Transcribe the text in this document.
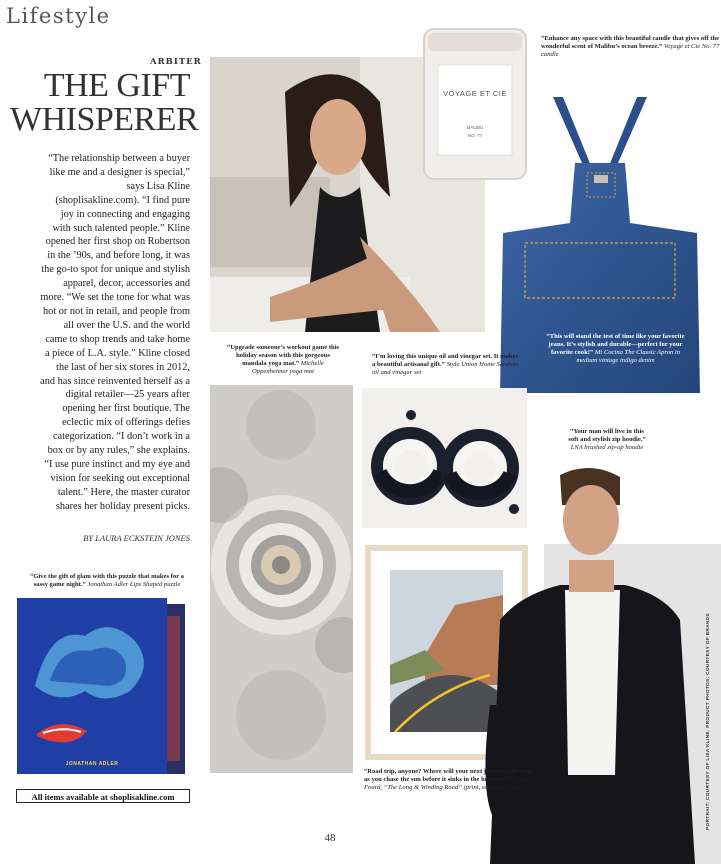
Lifestyle
ARBITER
THE GIFT
WHISPERER
“The relationship between a buyer like me and a designer is special,” says Lisa Kline (shoplisakline.com). “I find pure joy in connecting and engaging with such talented people.” Kline opened her first shop on Robertson in the ’90s, and before long, it was the go-to spot for unique and stylish apparel, decor, accessories and more. “We set the tone for what was hot or not in retail, and people from all over the U.S. and the world came to shop trends and take home a piece of L.A. style.” Kline closed the last of her six stores in 2012, and has since reinvented herself as a digital retailer—25 years after opening her first boutique. The eclectic mix of offerings defies categorization. “I don’t work in a box or by any rules,” she explains. “I use pure instinct and my eye and vision for seeking out exceptional talent.” Here, the master curator shares her holiday present picks.
BY LAURA ECKSTEIN JONES
VOYAGE ET CIE
MALIBU
NO. 77
JONATHAN ADLER
“Enhance any space with this beautiful candle that gives off the wonderful scent of Malibu’s ocean breeze.” Voyage et Cie No. 77 candle
“Upgrade someone’s workout game this holiday season with this gorgeous mandala yoga mat.” Michelle Oppenheimer yoga mat
“I’m loving this unique oil and vinegar set. It makes a beautiful artisanal gift.” Style Union Home Sardinia oil and vinegar set
“This will stand the test of time like your favorite jeans. It’s stylish and durable—perfect for your favorite cook!” Mi Cocina The Classic Apron in medium vintage indigo denim
“Your man will live in this soft and stylish zip hoodie.” LNA brushed zip-up hoodie
“Give the gift of glam with this puzzle that makes for a sassy game night.” Jonathan Adler Lips Shaped puzzle
“Road trip, anyone? Where will your next journey take you as you chase the sun before it sinks in the horizon?” Lindsey Foard, “The Long & Winding Road” (print, sold unframed)	PORTRAIT: COURTESY OF LISA KLINE. PRODUCT PHOTOS: COURTESY OF BRANDS
All items available at shoplisakline.com
48
